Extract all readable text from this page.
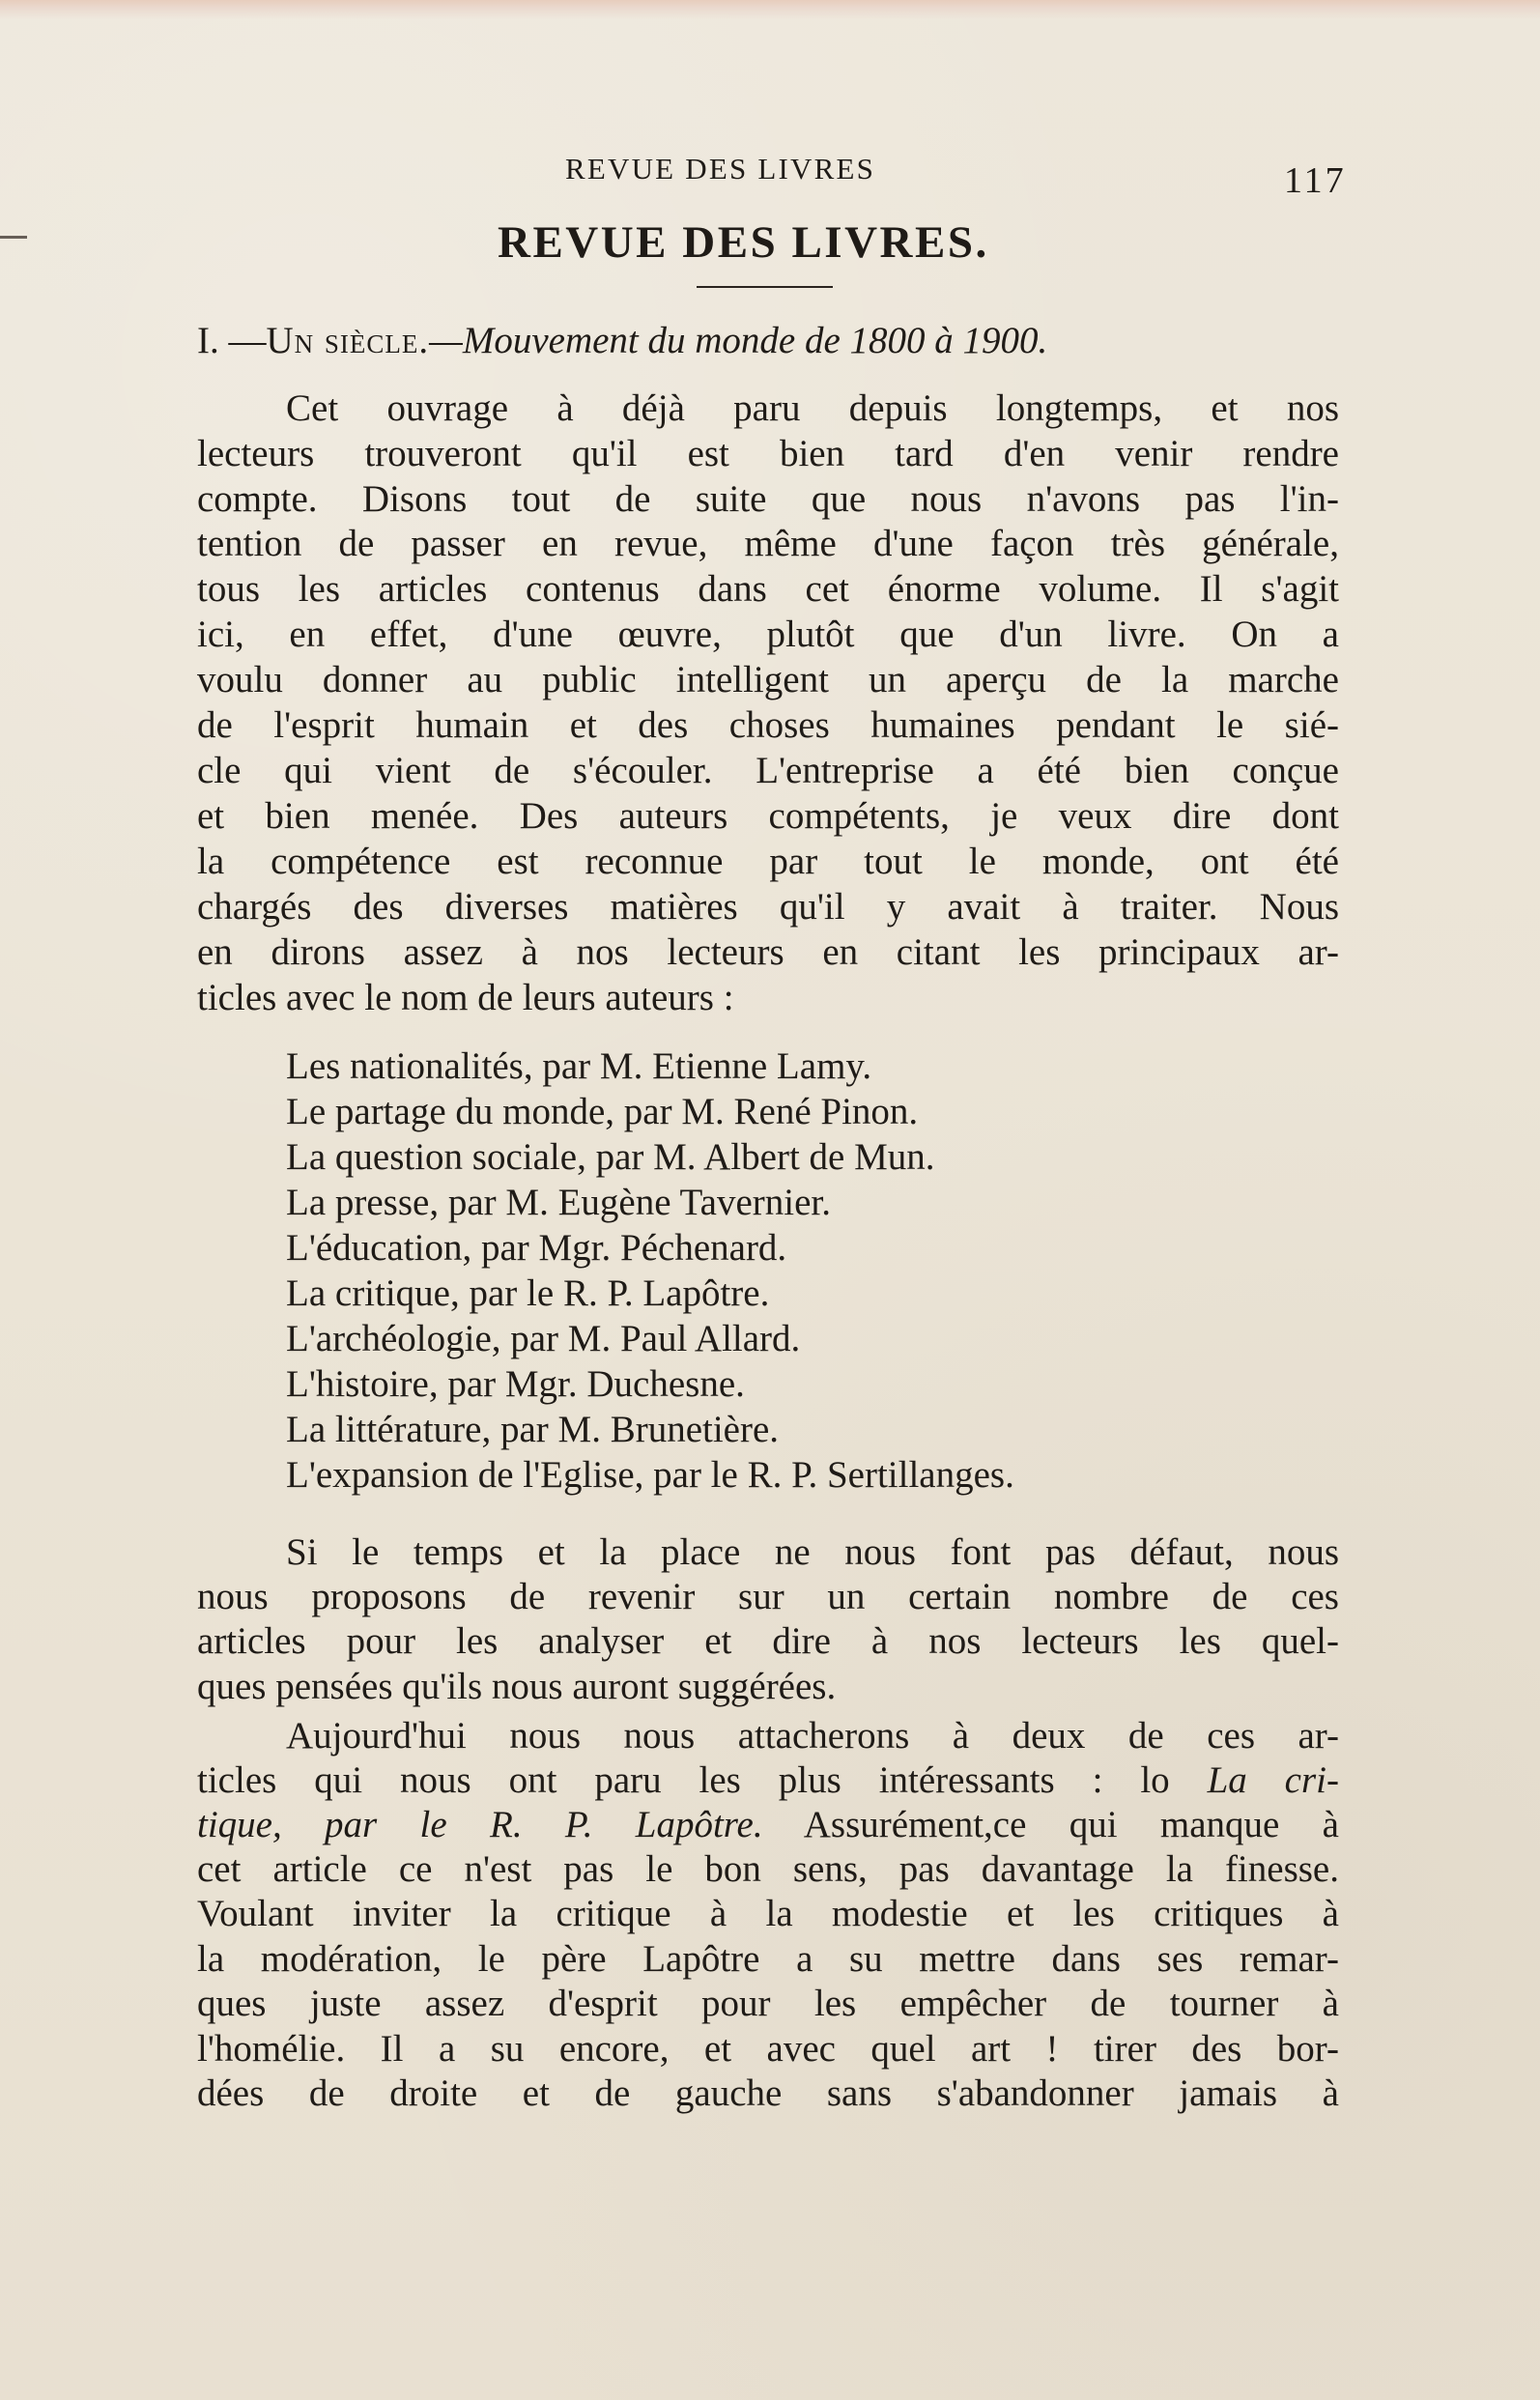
REVUE DES LIVRES	117
REVUE DES LIVRES.
I. — Un siècle. —Mouvement du monde de 1800 à 1900.
Cet ouvrage à déjà paru depuis longtemps, et nos
lecteurs trouveront qu'il est bien tard d'en venir rendre
compte. Disons tout de suite que nous n'avons pas l'in-
tention de passer en revue, même d'une façon très générale,
tous les articles contenus dans cet énorme volume. Il s'agit
ici, en effet, d'une œuvre, plutôt que d'un livre. On a
voulu donner au public intelligent un aperçu de la marche
de l'esprit humain et des choses humaines pendant le sié-
cle qui vient de s'écouler. L'entreprise a été bien conçue
et bien menée. Des auteurs compétents, je veux dire dont
la compétence est reconnue par tout le monde, ont été
chargés des diverses matières qu'il y avait à traiter. Nous
en dirons assez à nos lecteurs en citant les principaux ar-
ticles avec le nom de leurs auteurs :
Les nationalités, par M. Etienne Lamy.
Le partage du monde, par M. René Pinon.
La question sociale, par M. Albert de Mun.
La presse, par M. Eugène Tavernier.
L'éducation, par Mgr. Péchenard.
La critique, par le R. P. Lapôtre.
L'archéologie, par M. Paul Allard.
L'histoire, par Mgr. Duchesne.
La littérature, par M. Brunetière.
L'expansion de l'Eglise, par le R. P. Sertillanges.
Si le temps et la place ne nous font pas défaut, nous
nous proposons de revenir sur un certain nombre de ces
articles pour les analyser et dire à nos lecteurs les quel-
ques pensées qu'ils nous auront suggérées.
Aujourd'hui nous nous attacherons à deux de ces ar-
ticles qui nous ont paru les plus intéressants : lo La cri-
tique, par le R. P. Lapôtre. Assurément,ce qui manque à
cet article ce n'est pas le bon sens, pas davantage la finesse.
Voulant inviter la critique à la modestie et les critiques à
la modération, le père Lapôtre a su mettre dans ses remar-
ques juste assez d'esprit pour les empêcher de tourner à
l'homélie. Il a su encore, et avec quel art ! tirer des bor-
dées de droite et de gauche sans s'abandonner jamais à
